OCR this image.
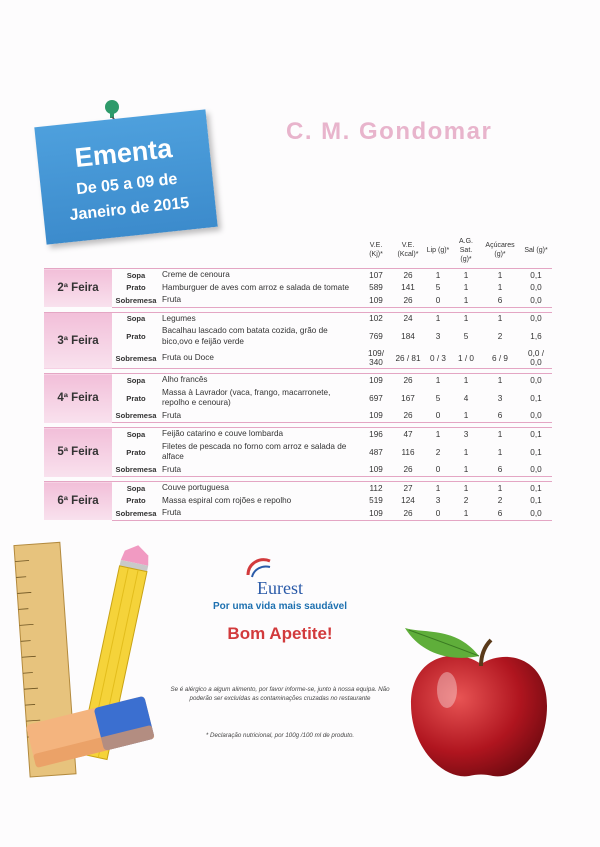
Ementa
De 05 a 09 de
Janeiro de 2015
C. M. Gondomar
			V.E. (Kj)*	V.E. (Kcal)*	Lip (g)*	A.G. Sat. (g)*	Açúcares (g)*	Sal (g)*
2ª Feira	Sopa	Creme de cenoura	107	26	1	1	1	0,1
	Prato	Hamburguer de aves com arroz e salada de tomate	589	141	5	1	1	0,0
	Sobremesa	Fruta	109	26	0	1	6	0,0

3ª Feira	Sopa	Legumes	102	24	1	1	1	0,0
	Prato	Bacalhau lascado com batata cozida, grão de bico,ovo e feijão verde	769	184	3	5	2	1,6
	Sobremesa	Fruta ou Doce	109/ 340	26 / 81	0 / 3	1 / 0	6 / 9	0,0 / 0,0

4ª Feira	Sopa	Alho francês	109	26	1	1	1	0,0
	Prato	Massa à Lavrador (vaca, frango, macarronete, repolho e cenoura)	697	167	5	4	3	0,1
	Sobremesa	Fruta	109	26	0	1	6	0,0

5ª Feira	Sopa	Feijão catarino e couve lombarda	196	47	1	3	1	0,1
	Prato	Filetes de pescada no forno com arroz e salada de alface	487	116	2	1	1	0,1
	Sobremesa	Fruta	109	26	0	1	6	0,0

6ª Feira	Sopa	Couve portuguesa	112	27	1	1	1	0,1
	Prato	Massa espiral com rojões e repolho	519	124	3	2	2	0,1
	Sobremesa	Fruta	109	26	0	1	6	0,0
Eurest
Por uma vida mais saudável
Bom Apetite!
Se é alérgico a algum alimento, por favor informe-se, junto à nossa equipa. Não poderão ser excluídas as contaminações cruzadas no restaurante
* Declaração nutricional, por 100g /100 ml de produto.
